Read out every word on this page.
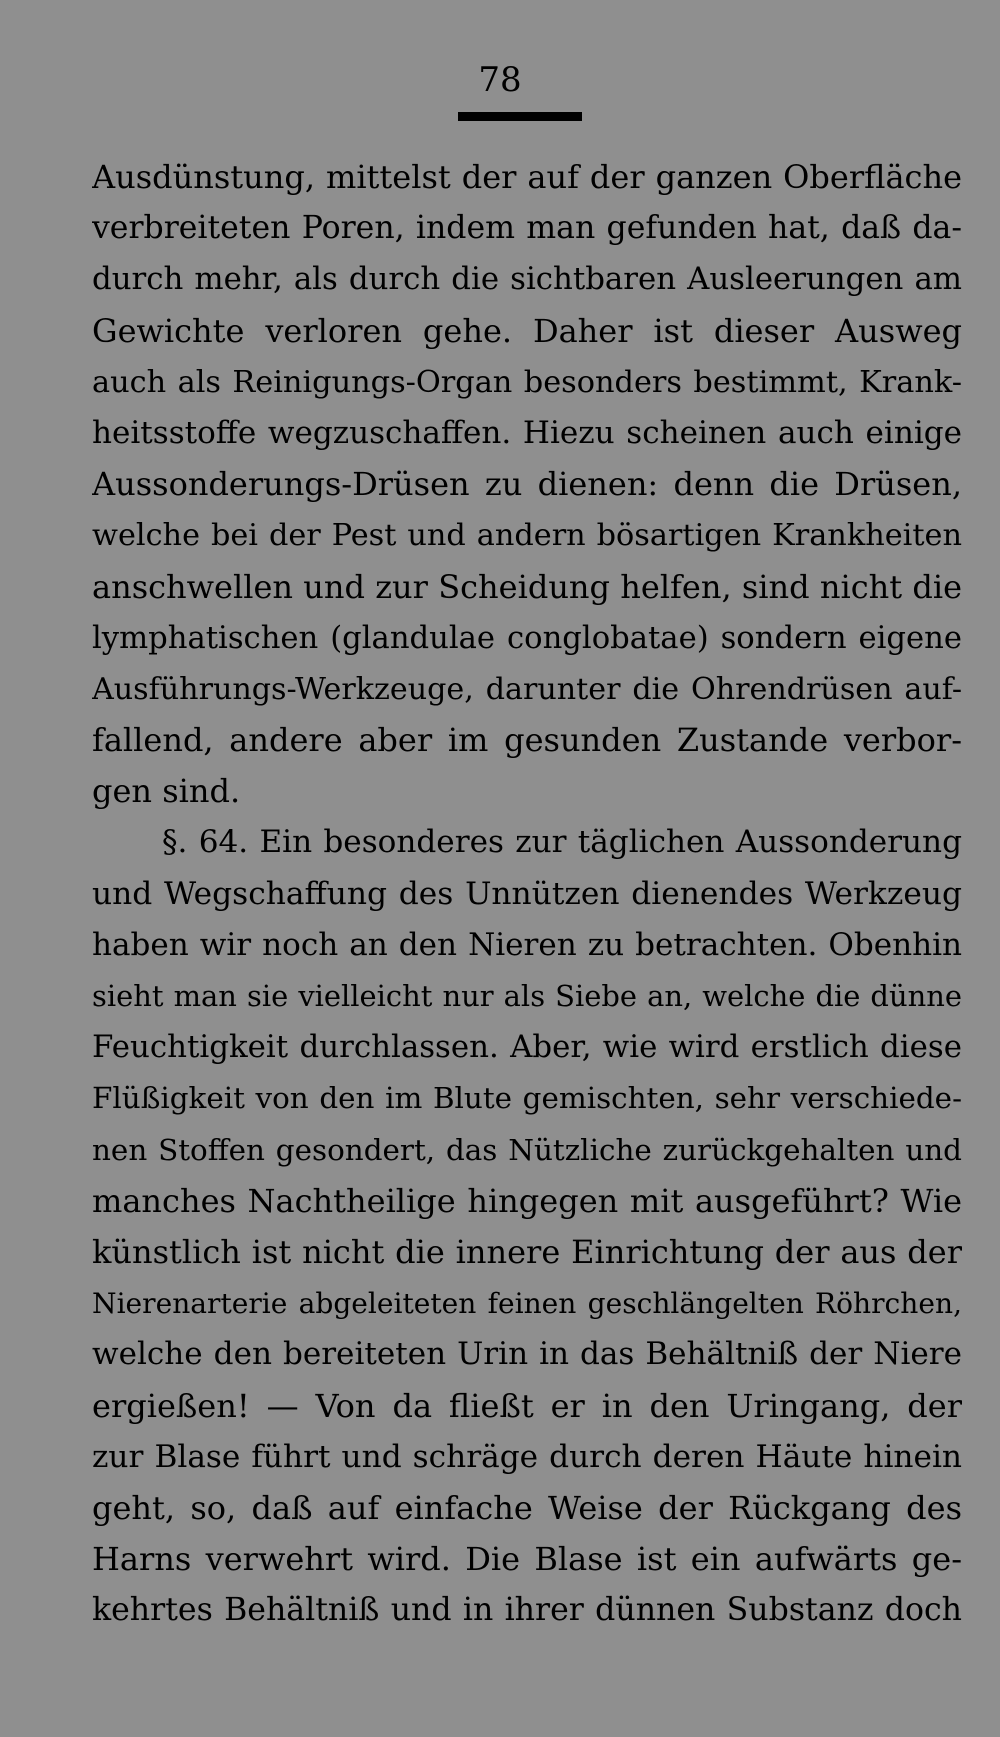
78
Ausdünstung, mittelst der auf der ganzen Oberfläche
verbreiteten Poren, indem man gefunden hat, daß da-
durch mehr, als durch die sichtbaren Ausleerungen am
Gewichte verloren gehe. Daher ist dieser Ausweg
auch als Reinigungs-Organ besonders bestimmt, Krank-
heitsstoffe wegzuschaffen. Hiezu scheinen auch einige
Aussonderungs-Drüsen zu dienen: denn die Drüsen,
welche bei der Pest und andern bösartigen Krankheiten
anschwellen und zur Scheidung helfen, sind nicht die
lymphatischen (glandulae conglobatae) sondern eigene
Ausführungs-Werkzeuge, darunter die Ohrendrüsen auf-
fallend, andere aber im gesunden Zustande verbor-
gen sind.
§. 64. Ein besonderes zur täglichen Aussonderung
und Wegschaffung des Unnützen dienendes Werkzeug
haben wir noch an den Nieren zu betrachten. Obenhin
sieht man sie vielleicht nur als Siebe an, welche die dünne
Feuchtigkeit durchlassen. Aber, wie wird erstlich diese
Flüßigkeit von den im Blute gemischten, sehr verschiede-
nen Stoffen gesondert, das Nützliche zurückgehalten und
manches Nachtheilige hingegen mit ausgeführt? Wie
künstlich ist nicht die innere Einrichtung der aus der
Nierenarterie abgeleiteten feinen geschlängelten Röhrchen,
welche den bereiteten Urin in das Behältniß der Niere
ergießen! — Von da fließt er in den Uringang, der
zur Blase führt und schräge durch deren Häute hinein
geht, so, daß auf einfache Weise der Rückgang des
Harns verwehrt wird. Die Blase ist ein aufwärts ge-
kehrtes Behältniß und in ihrer dünnen Substanz doch
